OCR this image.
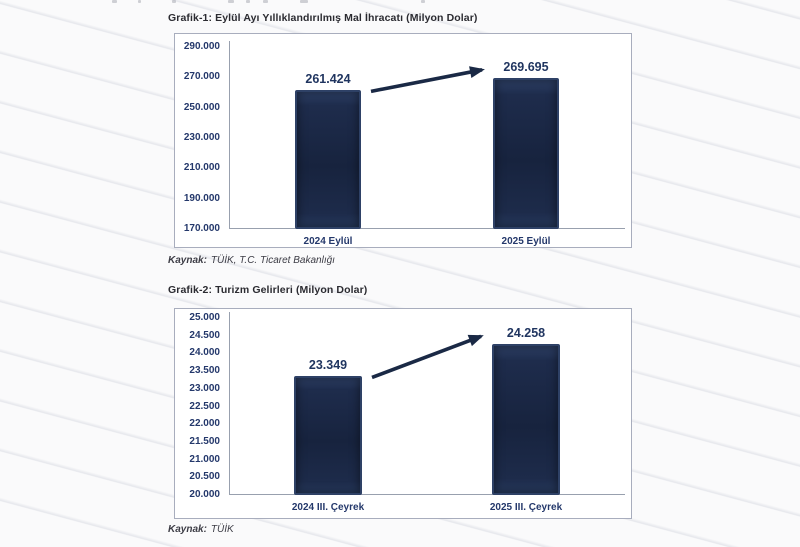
Grafik-1: Eylül Ayı Yıllıklandırılmış Mal İhracatı (Milyon Dolar)
290.000
270.000
250.000
230.000
210.000
190.000
170.000
261.424
2024 Eylül
269.695
2025 Eylül

Kaynak: TÜİK, T.C. Ticaret Bakanlığı

Grafik-2: Turizm Gelirleri (Milyon Dolar)
25.000
24.500
24.000
23.500
23.000
22.500
22.000
21.500
21.000
20.500
20.000
23.349
2024 III. Çeyrek
24.258
2025 III. Çeyrek

Kaynak: TÜİK
